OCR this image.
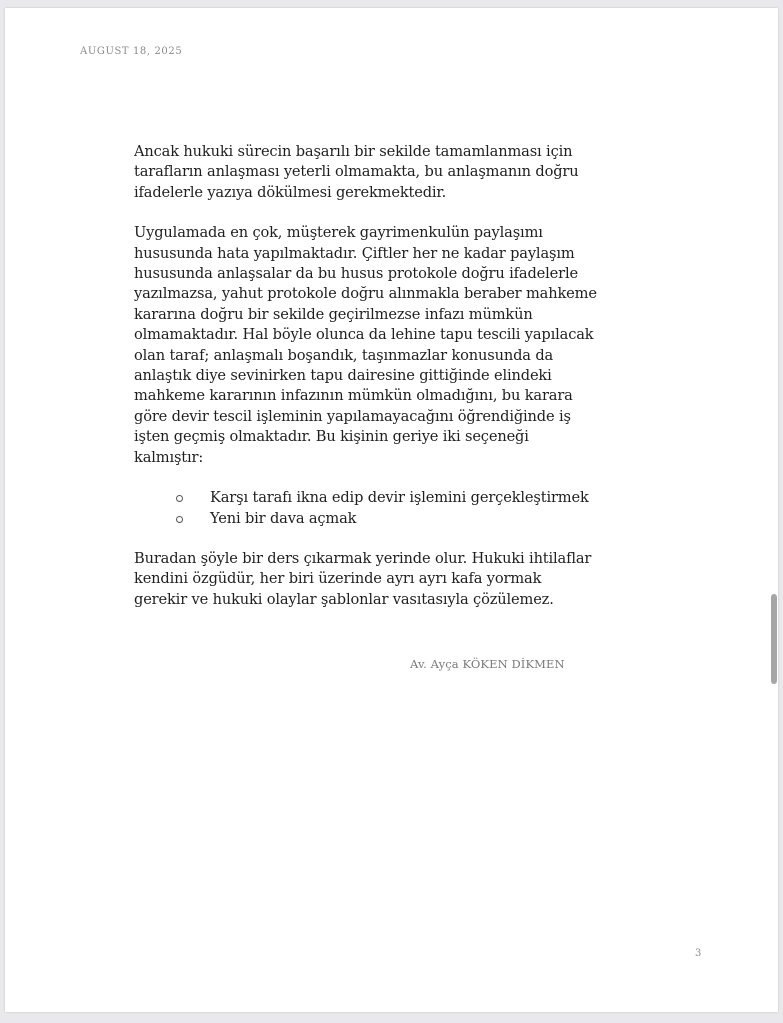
AUGUST 18, 2025

Ancak hukuki sürecin başarılı bir sekilde tamamlanması için
tarafların anlaşması yeterli olmamakta, bu anlaşmanın doğru
ifadelerle yazıya dökülmesi gerekmektedir.

Uygulamada en çok, müşterek gayrimenkulün paylaşımı
hususunda hata yapılmaktadır. Çiftler her ne kadar paylaşım
hususunda anlaşsalar da bu husus protokole doğru ifadelerle
yazılmazsa, yahut protokole doğru alınmakla beraber mahkeme
kararına doğru bir sekilde geçirilmezse infazı mümkün
olmamaktadır. Hal böyle olunca da lehine tapu tescili yapılacak
olan taraf; anlaşmalı boşandık, taşınmazlar konusunda da
anlaştık diye sevinirken tapu dairesine gittiğinde elindeki
mahkeme kararının infazının mümkün olmadığını, bu karara
göre devir tescil işleminin yapılamayacağını öğrendiğinde iş
işten geçmiş olmaktadır. Bu kişinin geriye iki seçeneği
kalmıştır:

Karşı tarafı ikna edip devir işlemini gerçekleştirmek
Yeni bir dava açmak

Buradan şöyle bir ders çıkarmak yerinde olur. Hukuki ihtilaflar
kendini özgüdür, her biri üzerinde ayrı ayrı kafa yormak
gerekir ve hukuki olaylar şablonlar vasıtasıyla çözülemez.

Av. Ayça KÖKEN DİKMEN
3
